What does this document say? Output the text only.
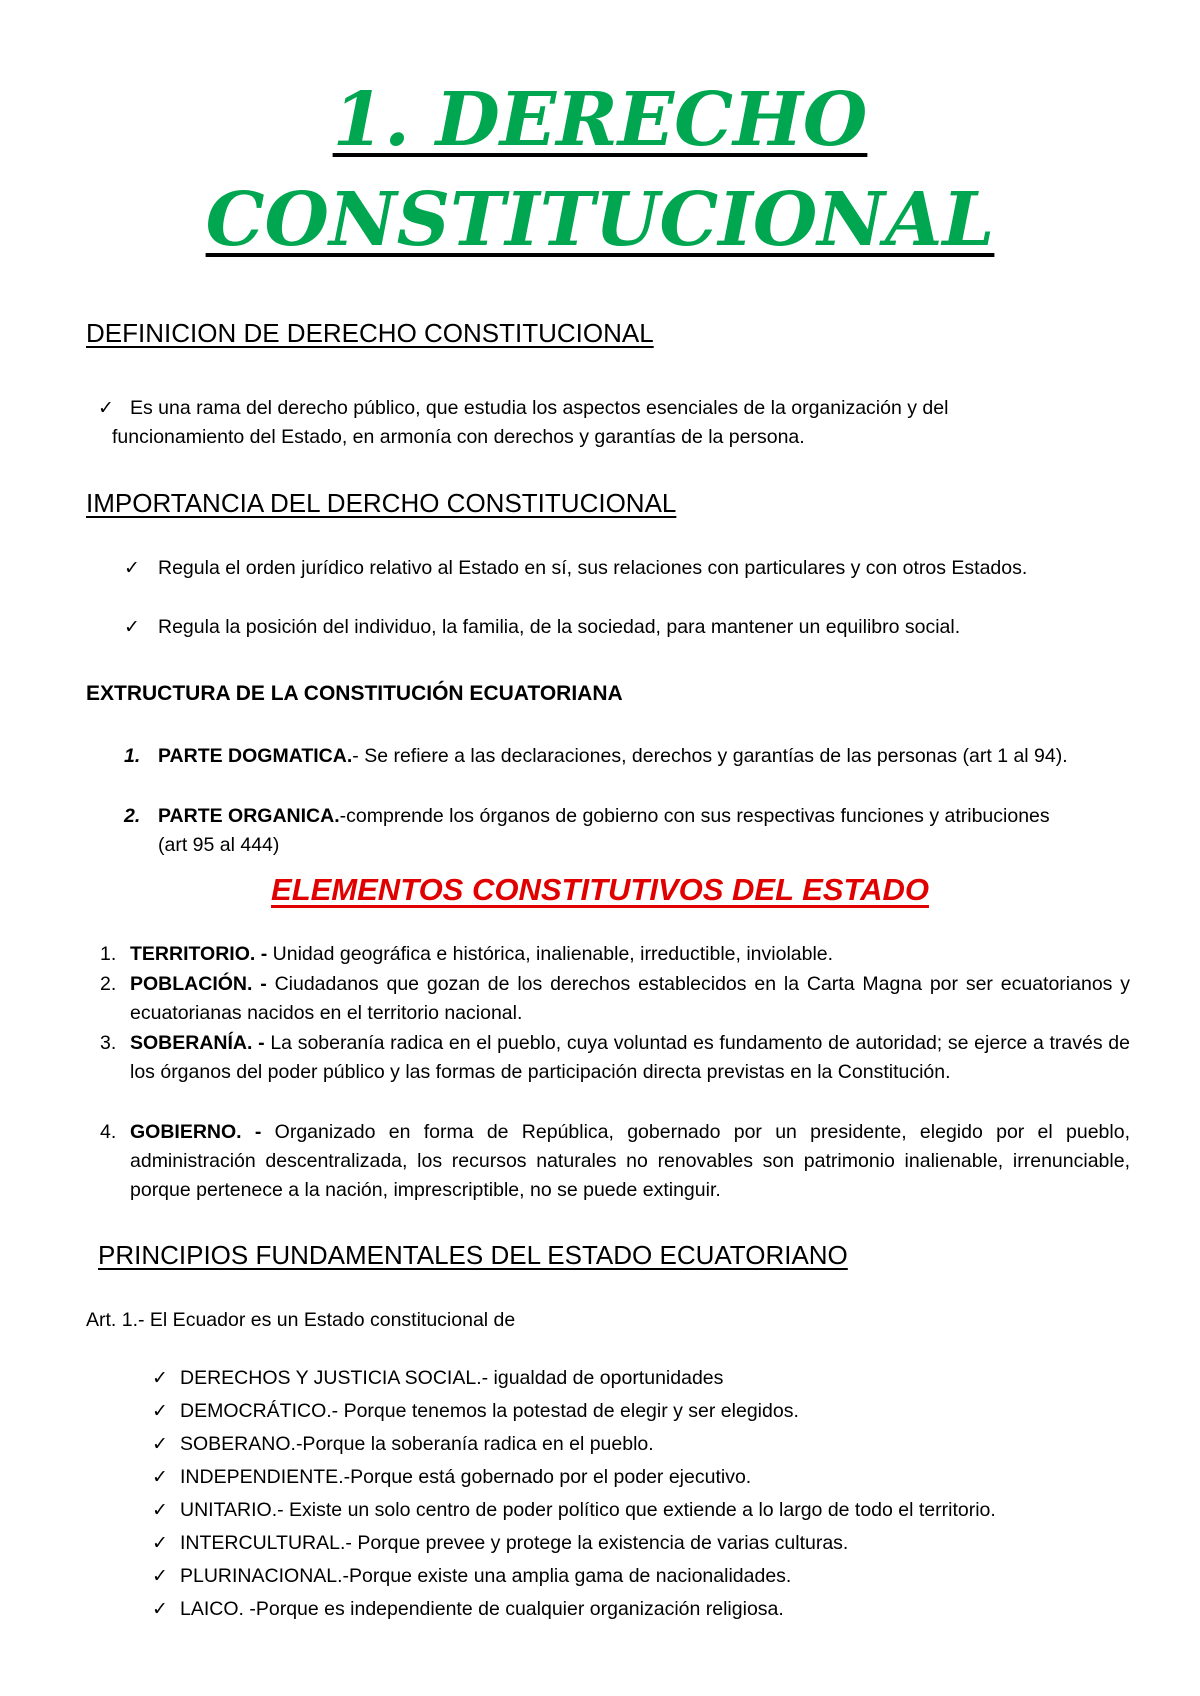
1. DERECHO
CONSTITUCIONAL
DEFINICION DE DERECHO CONSTITUCIONAL
✓ Es una rama del derecho público, que estudia los aspectos esenciales de la organización y del funcionamiento del Estado, en armonía con derechos y garantías de la persona.
IMPORTANCIA DEL DERCHO CONSTITUCIONAL
✓ Regula el orden jurídico relativo al Estado en sí, sus relaciones con particulares y con otros Estados.
✓ Regula la posición del individuo, la familia, de la sociedad, para mantener un equilibro social.
EXTRUCTURA DE LA CONSTITUCIÓN ECUATORIANA
1. PARTE DOGMATICA.- Se refiere a las declaraciones, derechos y garantías de las personas (art 1 al 94).
2. PARTE ORGANICA.-comprende los órganos de gobierno con sus respectivas funciones y atribuciones (art 95 al 444)
ELEMENTOS CONSTITUTIVOS DEL ESTADO
1. TERRITORIO. - Unidad geográfica e histórica, inalienable, irreductible, inviolable.
2. POBLACIÓN. - Ciudadanos que gozan de los derechos establecidos en la Carta Magna por ser ecuatorianos y ecuatorianas nacidos en el territorio nacional.
3. SOBERANÍA. - La soberanía radica en el pueblo, cuya voluntad es fundamento de autoridad; se ejerce a través de los órganos del poder público y las formas de participación directa previstas en la Constitución.
4. GOBIERNO. - Organizado en forma de República, gobernado por un presidente, elegido por el pueblo, administración descentralizada, los recursos naturales no renovables son patrimonio inalienable, irrenunciable, porque pertenece a la nación, imprescriptible, no se puede extinguir.
PRINCIPIOS FUNDAMENTALES DEL ESTADO ECUATORIANO
Art. 1.- El Ecuador es un Estado constitucional de
✓ DERECHOS Y JUSTICIA SOCIAL.- igualdad de oportunidades
✓ DEMOCRÁTICO.- Porque tenemos la potestad de elegir y ser elegidos.
✓ SOBERANO.-Porque la soberanía radica en el pueblo.
✓ INDEPENDIENTE.-Porque está gobernado por el poder ejecutivo.
✓ UNITARIO.- Existe un solo centro de poder político que extiende a lo largo de todo el territorio.
✓ INTERCULTURAL.- Porque prevee y protege la existencia de varias culturas.
✓ PLURINACIONAL.-Porque existe una amplia gama de nacionalidades.
✓ LAICO. -Porque es independiente de cualquier organización religiosa.
